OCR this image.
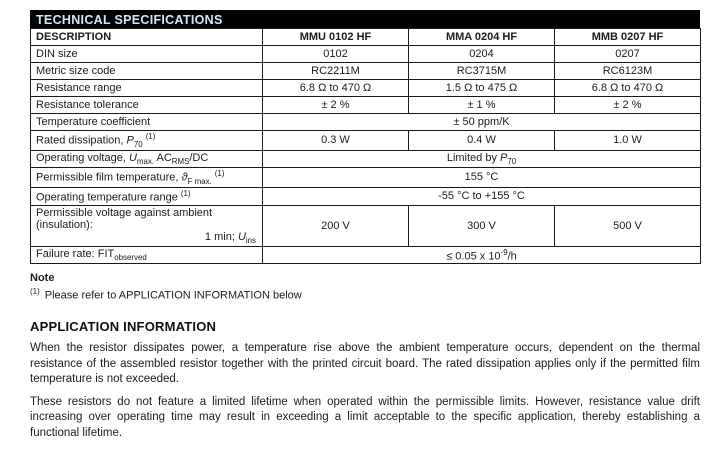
TECHNICAL SPECIFICATIONS
DESCRIPTION	MMU 0102 HF	MMA 0204 HF	MMB 0207 HF
DIN size	0102	0204	0207
Metric size code	RC2211M	RC3715M	RC6123M
Resistance range	6.8 Ω to 470 Ω	1.5 Ω to 475 Ω	6.8 Ω to 470 Ω
Resistance tolerance	± 2 %	± 1 %	± 2 %
Temperature coefficient	± 50 ppm/K		
Rated dissipation, $P_{70}$ $^{(1)}$	0.3 W	0.4 W	1.0 W
Operating voltage, $U_{max.}$ $AC_{RMS}/DC$	Limited by $P_{70}$
Permissible film temperature, $ϑ_{F max.}$ $^{(1)}$	155 °C		
Operating temperature range $^{(1)}$	-55 °C to +155 °C		

Permissible voltage against ambient (insulation):
1 min; $U_{ins}$	200 V	300 V	500 V
Failure rate: $FIT_{observed}$	≤ 0.05 x $10^{-9}/h$		
Note
$^{(1)}$ Please refer to APPLICATION INFORMATION below
APPLICATION INFORMATION

When the resistor dissipates power, a temperature rise above the ambient temperature occurs, dependent on the thermal resistance of the assembled resistor together with the printed circuit board. The rated dissipation applies only if the permitted film temperature is not exceeded.

These resistors do not feature a limited lifetime when operated within the permissible limits. However, resistance value drift increasing over operating time may result in exceeding a limit acceptable to the specific application, thereby establishing a functional lifetime.
